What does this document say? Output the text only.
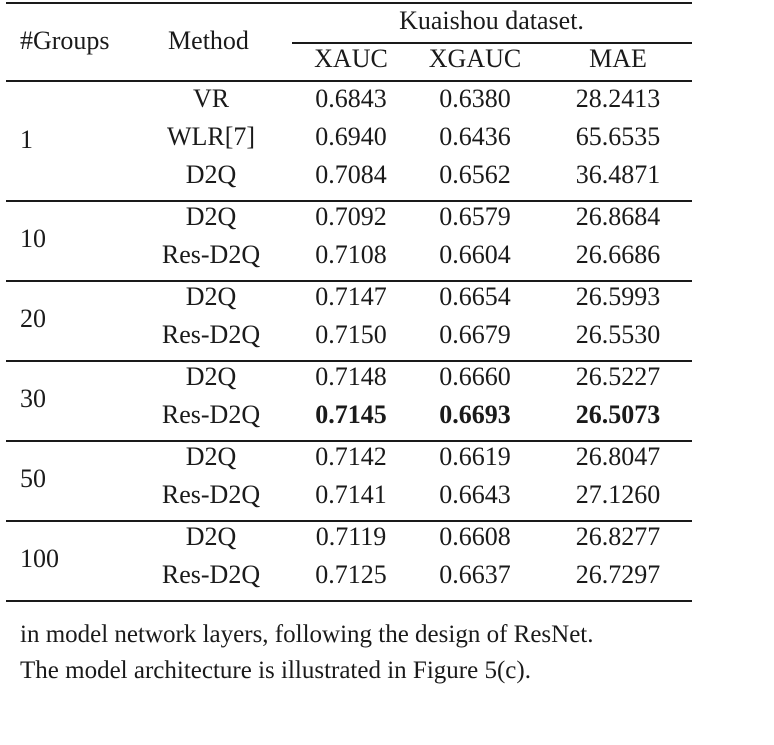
#Groups	Method
Kuaishou dataset.
XAUC	XGAUC	MAE
1
VR	0.6843	0.6380	28.2413
WLR[7]	0.6940	0.6436	65.6535
D2Q	0.7084	0.6562	36.4871
10
D2Q	0.7092	0.6579	26.8684
Res-D2Q	0.7108	0.6604	26.6686
20
D2Q	0.7147	0.6654	26.5993
Res-D2Q	0.7150	0.6679	26.5530
30
D2Q	0.7148	0.6660	26.5227
Res-D2Q	0.7145	0.6693	26.5073
50
D2Q	0.7142	0.6619	26.8047
Res-D2Q	0.7141	0.6643	27.1260
100
D2Q	0.7119	0.6608	26.8277
Res-D2Q	0.7125	0.6637	26.7297
in model network layers, following the design of ResNet.
The model architecture is illustrated in Figure 5(c).
